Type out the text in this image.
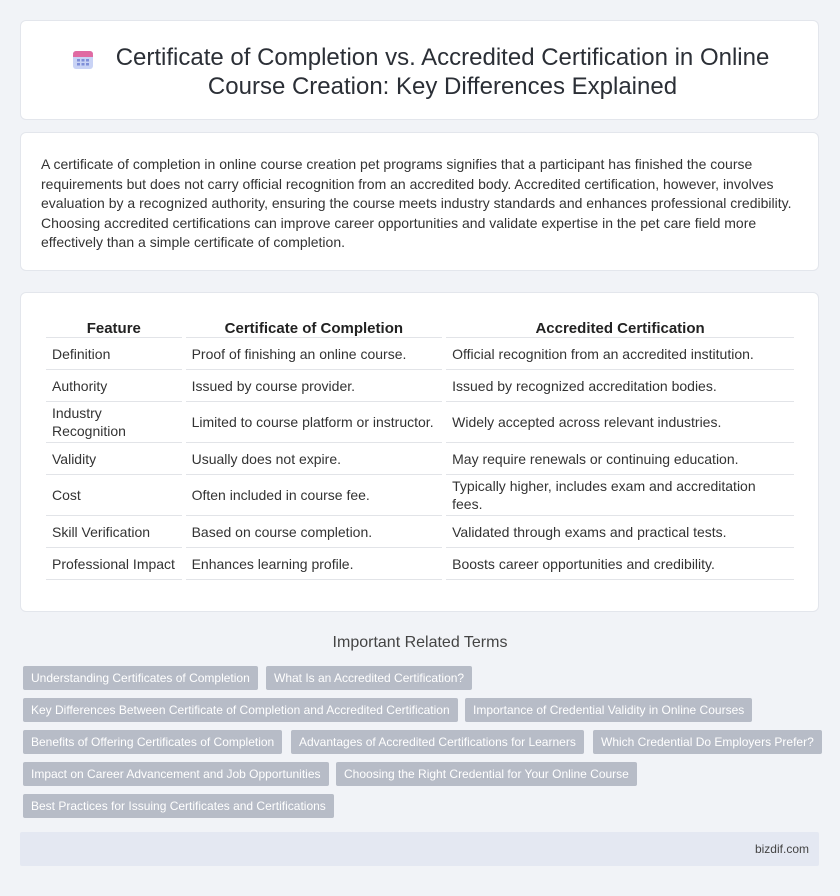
Certificate of Completion vs. Accredited Certification in Online Course Creation: Key Differences Explained

A certificate of completion in online course creation pet programs signifies that a participant has finished the course requirements but does not carry official recognition from an accredited body. Accredited certification, however, involves evaluation by a recognized authority, ensuring the course meets industry standards and enhances professional credibility. Choosing accredited certifications can improve career opportunities and validate expertise in the pet care field more effectively than a simple certificate of completion.

Feature	Certificate of Completion	Accredited Certification
Definition	Proof of finishing an online course.	Official recognition from an accredited institution.
Authority	Issued by course provider.	Issued by recognized accreditation bodies.
Industry Recognition	Limited to course platform or instructor.	Widely accepted across relevant industries.
Validity	Usually does not expire.	May require renewals or continuing education.
Cost	Often included in course fee.	Typically higher, includes exam and accreditation fees.
Skill Verification	Based on course completion.	Validated through exams and practical tests.
Professional Impact	Enhances learning profile.	Boosts career opportunities and credibility.
Important Related Terms
Understanding Certificates of Completion	What Is an Accredited Certification?
Key Differences Between Certificate of Completion and Accredited Certification	Importance of Credential Validity in Online Courses
Benefits of Offering Certificates of Completion	Advantages of Accredited Certifications for Learners	Which Credential Do Employers Prefer?
Impact on Career Advancement and Job Opportunities	Choosing the Right Credential for Your Online Course
Best Practices for Issuing Certificates and Certifications
bizdif.com
